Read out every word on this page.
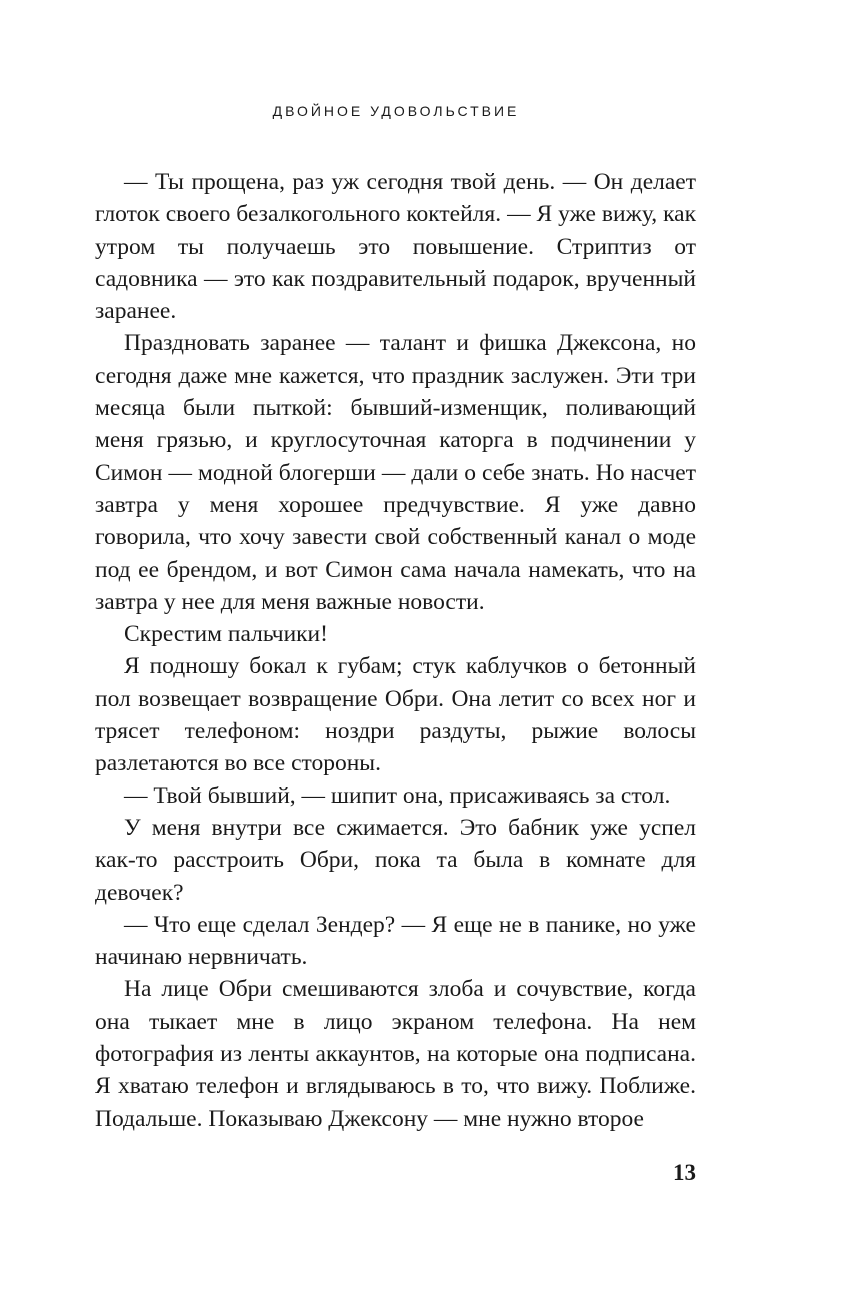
ДВОЙНОЕ УДОВОЛЬСТВИЕ

— Ты прощена, раз уж сегодня твой день. — Он делает глоток своего безалкогольного коктейля. — Я уже вижу, как утром ты получаешь это повышение. Стриптиз от садовника — это как поздравительный подарок, врученный заранее.

Праздновать заранее — талант и фишка Джексона, но сегодня даже мне кажется, что праздник заслужен. Эти три месяца были пыткой: бывший-изменщик, поливающий меня грязью, и круглосуточная каторга в подчинении у Симон — модной блогерши — дали о себе знать. Но насчет завтра у меня хорошее предчувствие. Я уже давно говорила, что хочу завести свой собственный канал о моде под ее брендом, и вот Симон сама начала намекать, что на завтра у нее для меня важные новости.

Скрестим пальчики!

Я подношу бокал к губам; стук каблучков о бетонный пол возвещает возвращение Обри. Она летит со всех ног и трясет телефоном: ноздри раздуты, рыжие волосы разлетаются во все стороны.

— Твой бывший, — шипит она, присаживаясь за стол.

У меня внутри все сжимается. Это бабник уже успел как-то расстроить Обри, пока та была в комнате для девочек?

— Что еще сделал Зендер? — Я еще не в панике, но уже начинаю нервничать.

На лице Обри смешиваются злоба и сочувствие, когда она тыкает мне в лицо экраном телефона. На нем фотография из ленты аккаунтов, на которые она подписана. Я хватаю телефон и вглядываюсь в то, что вижу. Поближе. Подальше. Показываю Джексону — мне нужно второе

13
